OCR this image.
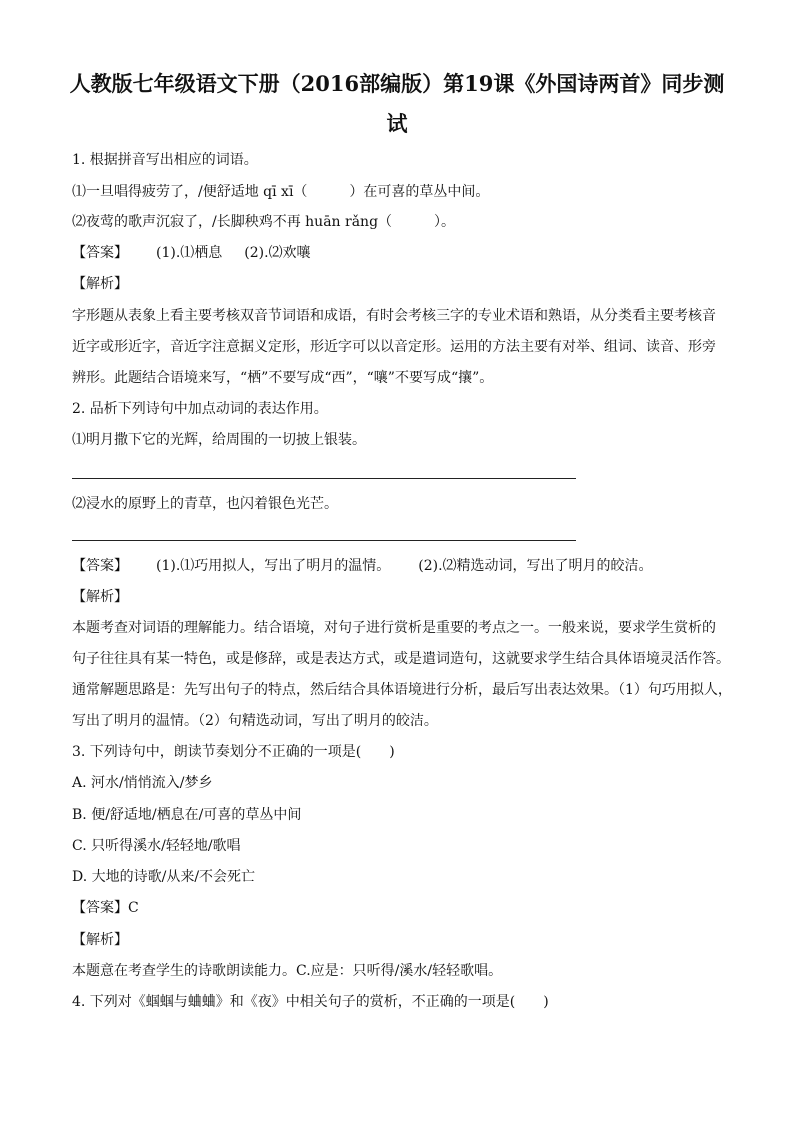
人教版七年级语文下册（2016部编版）第19课《外国诗两首》同步测
试
1. 根据拼音写出相应的词语。
⑴一旦唱得疲劳了，/便舒适地 qī xī（　　　）在可喜的草丛中间。
⑵夜莺的歌声沉寂了，/长脚秧鸡不再 huān rǎng（　　　）。
【答案】 (1).⑴栖息 (2).⑵欢嚷
【解析】
字形题从表象上看主要考核双音节词语和成语，有时会考核三字的专业术语和熟语，从分类看主要考核音
近字或形近字，音近字注意据义定形，形近字可以以音定形。运用的方法主要有对举、组词、读音、形旁
辨形。此题结合语境来写，“栖”不要写成“西”，“嚷”不要写成“攘”。
2. 品析下列诗句中加点动词的表达作用。
⑴明月撒下它的光辉，给周围的一切披上银装。
⑵浸水的原野上的青草，也闪着银色光芒。
【答案】 (1).⑴巧用拟人，写出了明月的温情。 (2).⑵精选动词，写出了明月的皎洁。
【解析】
本题考查对词语的理解能力。结合语境，对句子进行赏析是重要的考点之一。一般来说，要求学生赏析的
句子往往具有某一特色，或是修辞，或是表达方式，或是遣词造句，这就要求学生结合具体语境灵活作答。
通常解题思路是：先写出句子的特点，然后结合具体语境进行分析，最后写出表达效果。（1）句巧用拟人，
写出了明月的温情。（2）句精选动词，写出了明月的皎洁。
3. 下列诗句中，朗读节奏划分不正确的一项是(　　)
A. 河水/悄悄流入/梦乡
B. 便/舒适地/栖息在/可喜的草丛中间
C. 只听得溪水/轻轻地/歌唱
D. 大地的诗歌/从来/不会死亡
【答案】C
【解析】
本题意在考查学生的诗歌朗读能力。C.应是：只听得/溪水/轻轻歌唱。
4. 下列对《蝈蝈与蛐蛐》和《夜》中相关句子的赏析，不正确的一项是(　　)
